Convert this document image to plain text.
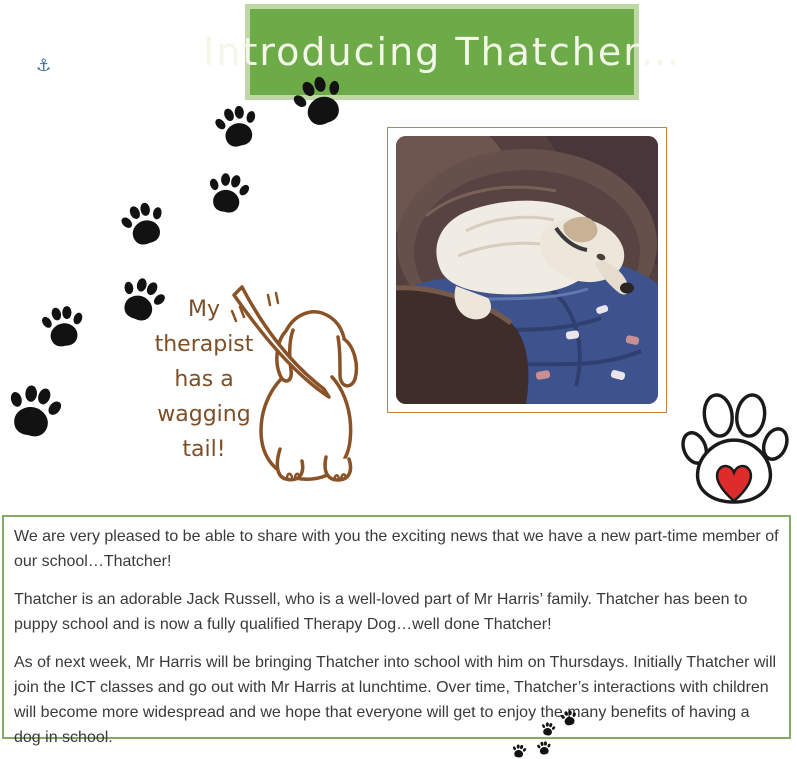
Introducing Thatcher…
⚓
My
therapist
has a
wagging
tail!

We are very pleased to be able to share with you the exciting news that we have a new part-time member of our school…Thatcher!

Thatcher is an adorable Jack Russell, who is a well-loved part of Mr Harris’ family. Thatcher has been to puppy school and is now a fully qualified Therapy Dog…well done Thatcher!

As of next week, Mr Harris will be bringing Thatcher into school with him on Thursdays. Initially Thatcher will join the ICT classes and go out with Mr Harris at lunchtime. Over time, Thatcher’s interactions with children will become more widespread and we hope that everyone will get to enjoy the many benefits of having a dog in school.
